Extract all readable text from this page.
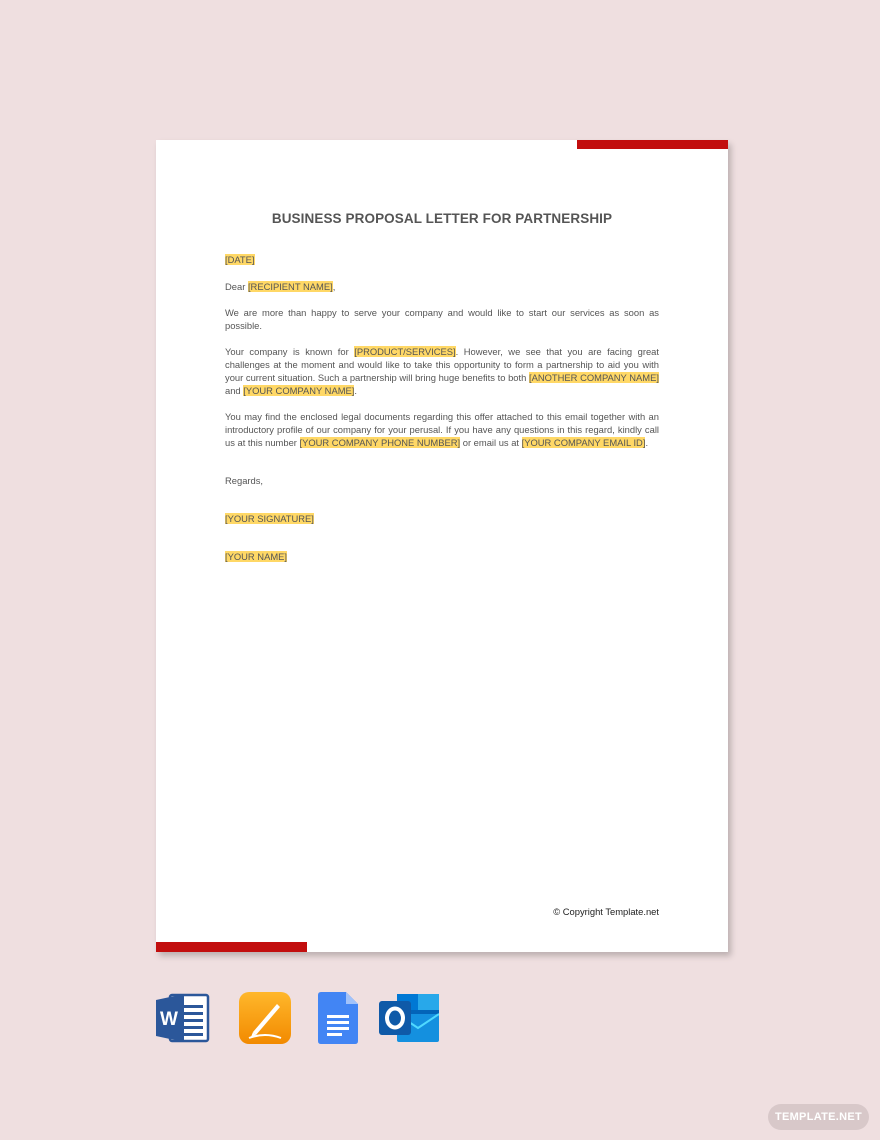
BUSINESS PROPOSAL LETTER FOR PARTNERSHIP

[DATE]

Dear [RECIPIENT NAME],

We are more than happy to serve your company and would like to start our services as soon as possible.

Your company is known for [PRODUCT/SERVICES]. However, we see that you are facing great challenges at the moment and would like to take this opportunity to form a partnership to aid you with your current situation. Such a partnership will bring huge benefits to both [ANOTHER COMPANY NAME] and [YOUR COMPANY NAME].

You may find the enclosed legal documents regarding this offer attached to this email together with an introductory profile of our company for your perusal. If you have any questions in this regard, kindly call us at this number [YOUR COMPANY PHONE NUMBER] or email us at [YOUR COMPANY EMAIL ID].

Regards,

[YOUR SIGNATURE]

[YOUR NAME]

© Copyright Template.net
W
TEMPLATE.NET
